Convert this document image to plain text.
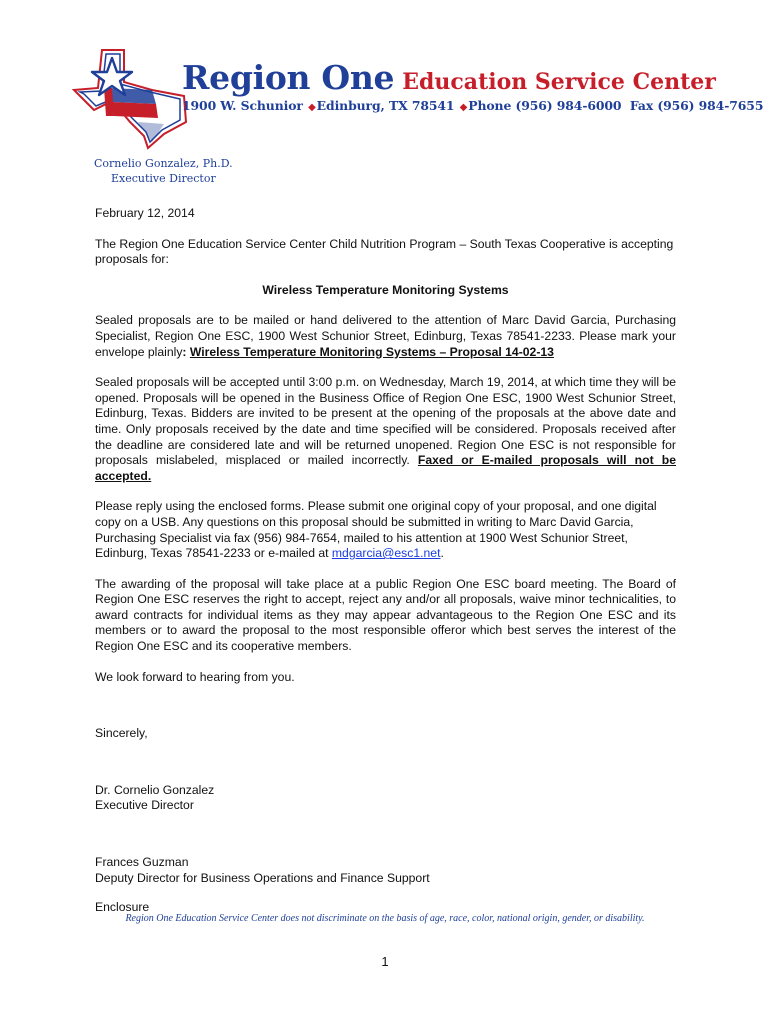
Region One Education Service Center
1900 W. Schunior ◆Edinburg, TX 78541 ◆Phone (956) 984-6000 Fax (956) 984-7655
Cornelio Gonzalez, Ph.D.
Executive Director

February 12, 2014

The Region One Education Service Center Child Nutrition Program – South Texas Cooperative is accepting proposals for:

Wireless Temperature Monitoring Systems

Sealed proposals are to be mailed or hand delivered to the attention of Marc David Garcia, Purchasing Specialist, Region One ESC, 1900 West Schunior Street, Edinburg, Texas 78541-2233. Please mark your envelope plainly: Wireless Temperature Monitoring Systems – Proposal 14-02-13

Sealed proposals will be accepted until 3:00 p.m. on Wednesday, March 19, 2014, at which time they will be opened. Proposals will be opened in the Business Office of Region One ESC, 1900 West Schunior Street, Edinburg, Texas. Bidders are invited to be present at the opening of the proposals at the above date and time. Only proposals received by the date and time specified will be considered. Proposals received after the deadline are considered late and will be returned unopened. Region One ESC is not responsible for proposals mislabeled, misplaced or mailed incorrectly. Faxed or E-mailed proposals will not be accepted.

Please reply using the enclosed forms. Please submit one original copy of your proposal, and one digital copy on a USB. Any questions on this proposal should be submitted in writing to Marc David Garcia, Purchasing Specialist via fax (956) 984-7654, mailed to his attention at 1900 West Schunior Street, Edinburg, Texas 78541-2233 or e-mailed at mdgarcia@esc1.net.

The awarding of the proposal will take place at a public Region One ESC board meeting. The Board of Region One ESC reserves the right to accept, reject any and/or all proposals, waive minor technicalities, to award contracts for individual items as they may appear advantageous to the Region One ESC and its members or to award the proposal to the most responsible offeror which best serves the interest of the Region One ESC and its cooperative members.

We look forward to hearing from you.

Sincerely,

Dr. Cornelio Gonzalez

Executive Director

Frances Guzman

Deputy Director for Business Operations and Finance Support

Enclosure

Region One Education Service Center does not discriminate on the basis of age, race, color, national origin, gender, or disability.
1
